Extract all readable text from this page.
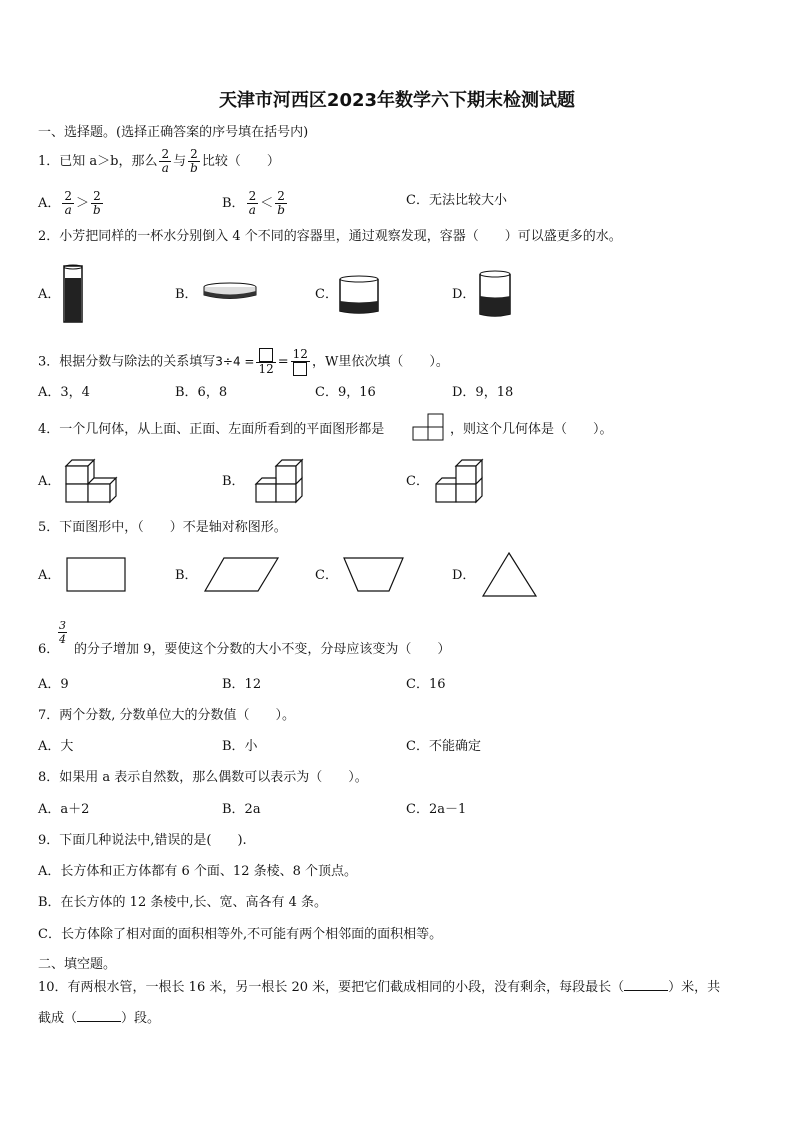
天津市河西区2023年数学六下期末检测试题
一、选择题。(选择正确答案的序号填在括号内)
1．已知 a＞b，那么 $\frac{2}{a}$ 与 $\frac{2}{b}$ 比较（　　）
A． $\frac{2}{a} > \frac{2}{b}$	B． $\frac{2}{a} < \frac{2}{b}$	C．无法比较大小
2．小芳把同样的一杯水分别倒入 4 个不同的容器里，通过观察发现，容器（　　）可以盛更多的水。
A．	B．	C．	D．
3．根据分数与除法的关系填写3÷4 =
12 =
12
，W里依次填（　　）。
A．3，4	B．6，8	C．9，16	D．9，18
4．一个几何体，从上面、正面、左面所看到的平面图形都是	，则这个几何体是（　　）。
A．	B．	C．
5．下面图形中，（　　）不是轴对称图形。
A．	B．	C．	D．
6．
$\frac{3}{4}$
的分子增加 9，要使这个分数的大小不变，分母应该变为（　　）
A．9	B．12	C．16
7．两个分数, 分数单位大的分数值（　　）。
A．大	B．小	C．不能确定
8．如果用 a 表示自然数，那么偶数可以表示为（　　）。
A．a＋2	B．2a	C．2a－1
9．下面几种说法中,错误的是(　　).
A．长方体和正方体都有 6 个面、12 条棱、8 个顶点。
B．在长方体的 12 条棱中,长、宽、高各有 4 条。
C．长方体除了相对面的面积相等外,不可能有两个相邻面的面积相等。
二、填空题。
10．有两根水管，一根长 16 米，另一根长 20 米，要把它们截成相同的小段，没有剩余，每段最长（	）米，共
截成（	）段。
